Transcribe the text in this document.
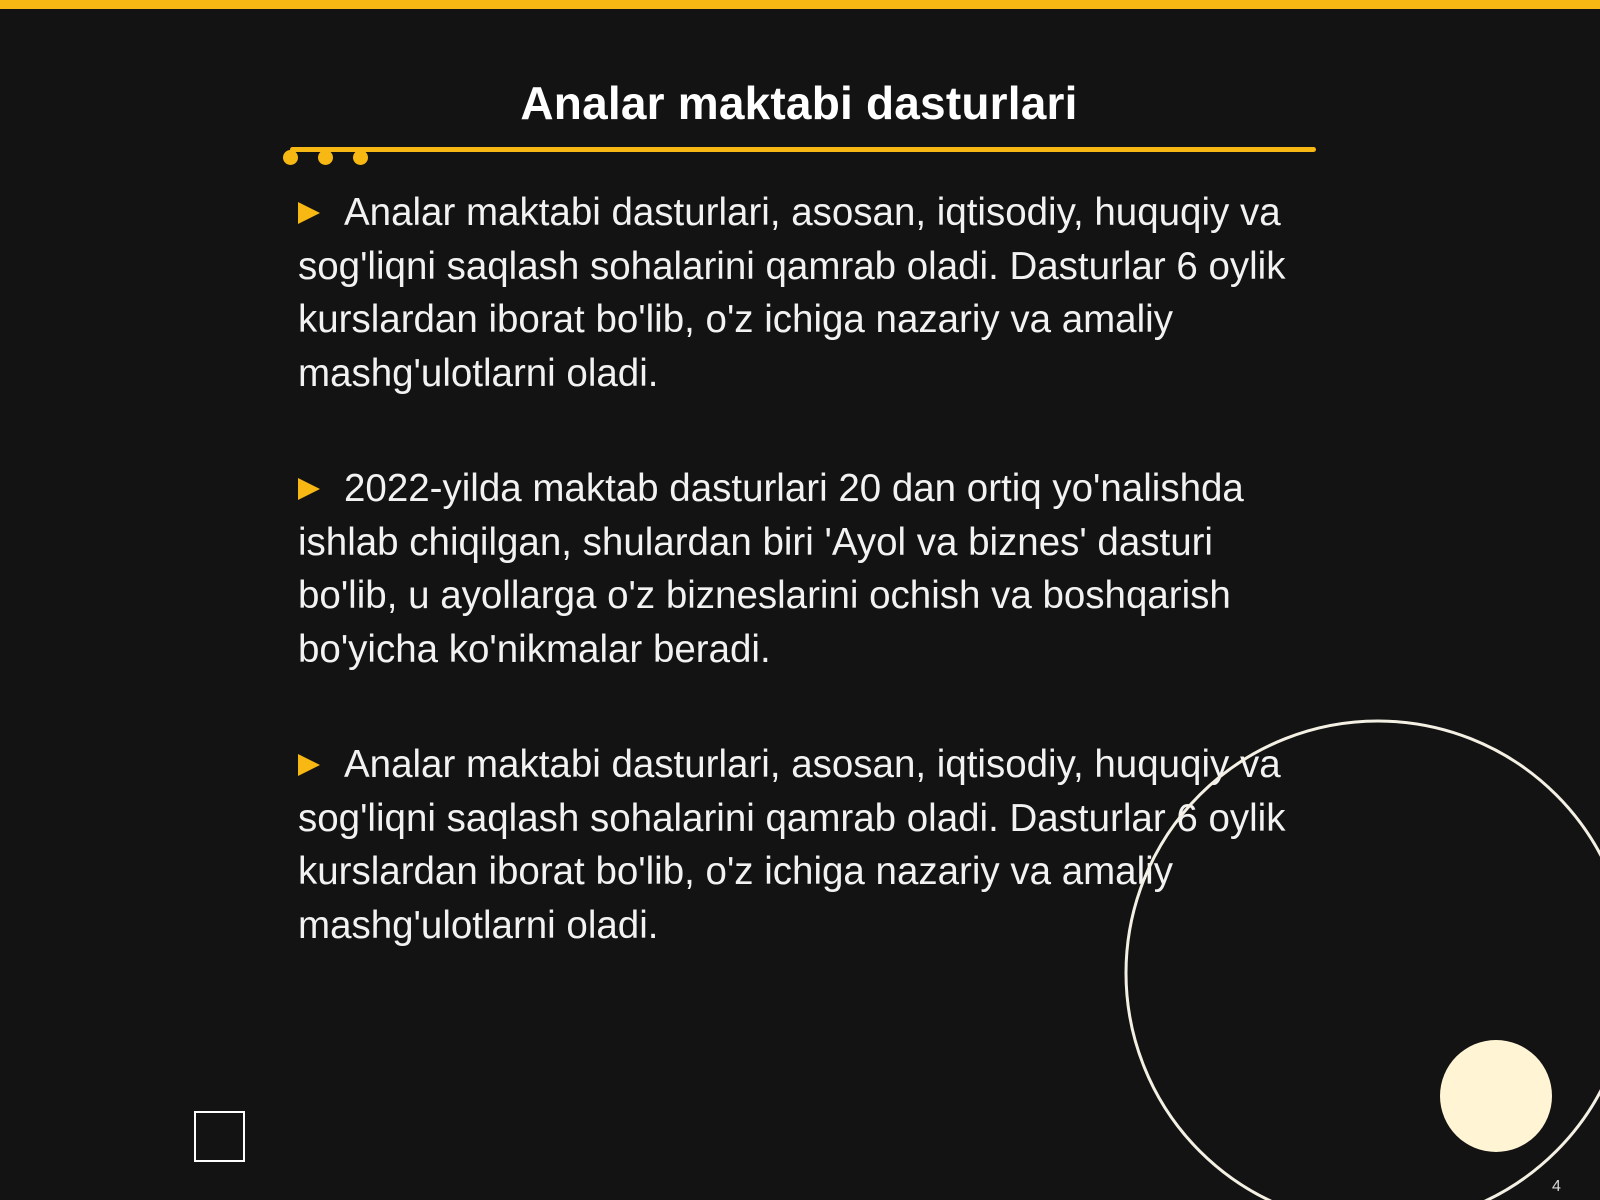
Analar maktabi dasturlari

Analar maktabi dasturlari, asosan, iqtisodiy, huquqiy va sog'liqni saqlash sohalarini qamrab oladi. Dasturlar 6 oylik kurslardan iborat bo'lib, o'z ichiga nazariy va amaliy mashg'ulotlarni oladi.

2022-yilda maktab dasturlari 20 dan ortiq yo'nalishda ishlab chiqilgan, shulardan biri 'Ayol va biznes' dasturi bo'lib, u ayollarga o'z bizneslarini ochish va boshqarish bo'yicha ko'nikmalar beradi.

Analar maktabi dasturlari, asosan, iqtisodiy, huquqiy va sog'liqni saqlash sohalarini qamrab oladi. Dasturlar 6 oylik kurslardan iborat bo'lib, o'z ichiga nazariy va amaliy mashg'ulotlarni oladi.

4
